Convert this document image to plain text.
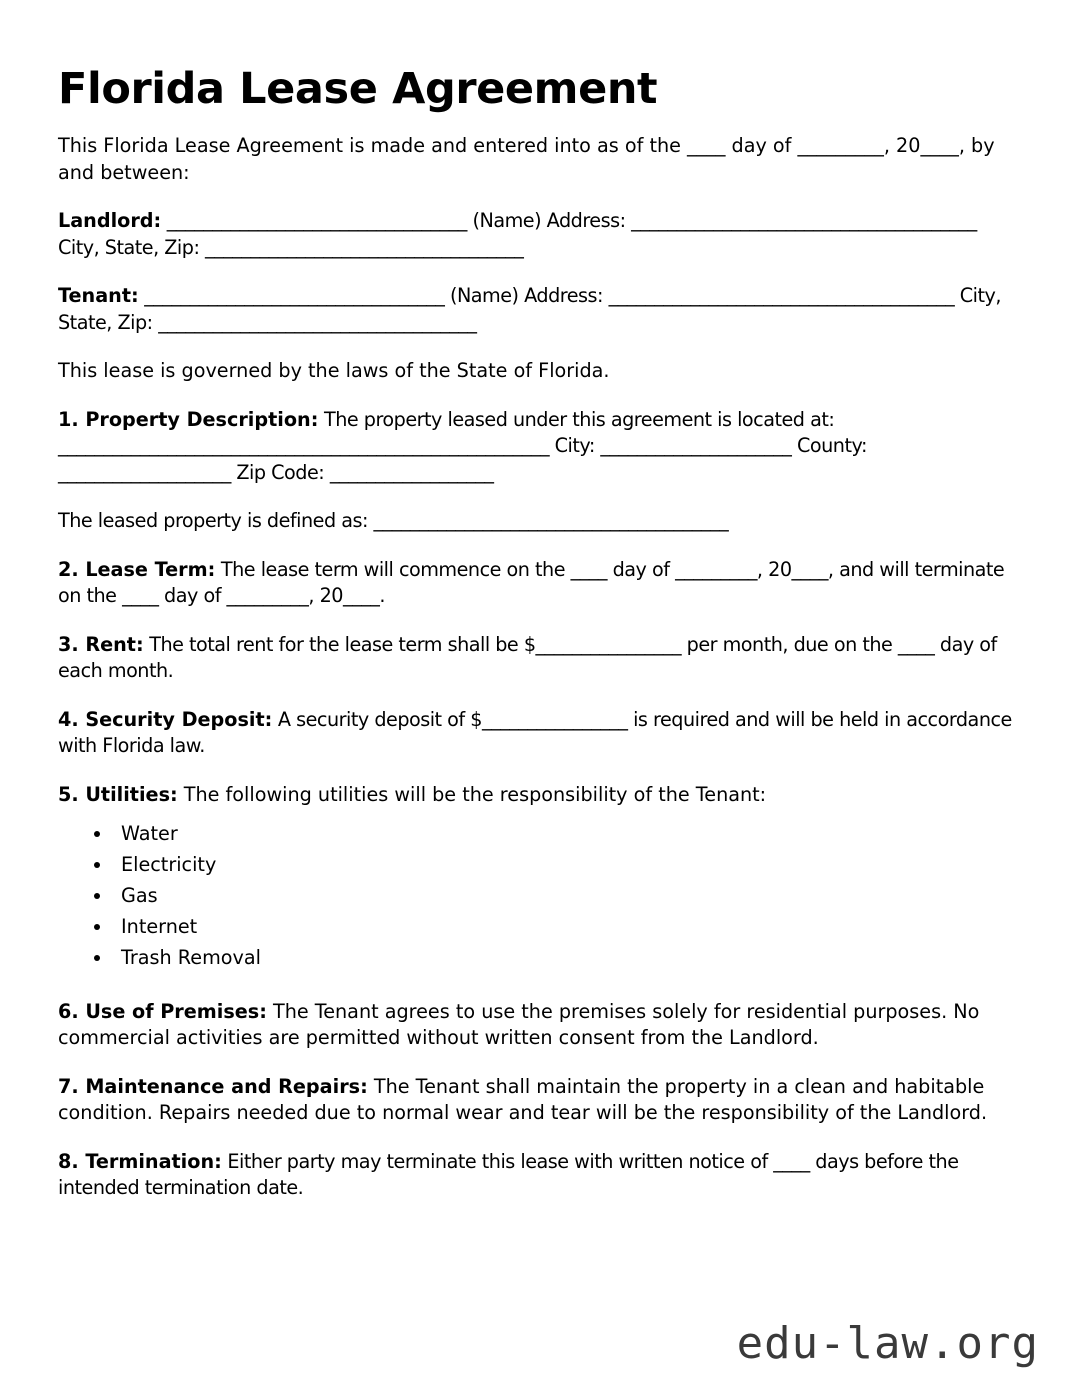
Florida Lease Agreement

This Florida Lease Agreement is made and entered into as of the ____ day of _________, 20____, by and between:

Landlord: _________________________________ (Name) Address: ______________________________________ City, State, Zip: ___________________________________

Tenant: _________________________________ (Name) Address: ______________________________________ City, State, Zip: ___________________________________

This lease is governed by the laws of the State of Florida.

1. Property Description: The property leased under this agreement is located at: ______________________________________________________ City: _____________________ County: ___________________ Zip Code: __________________

The leased property is defined as: _______________________________________

2. Lease Term: The lease term will commence on the ____ day of _________, 20____, and will terminate on the ____ day of _________, 20____.

3. Rent: The total rent for the lease term shall be $________________ per month, due on the ____ day of each month.

4. Security Deposit: A security deposit of $________________ is required and will be held in accordance with Florida law.

5. Utilities: The following utilities will be the responsibility of the Tenant:

• Water
• Electricity
• Gas
• Internet
• Trash Removal

6. Use of Premises: The Tenant agrees to use the premises solely for residential purposes. No commercial activities are permitted without written consent from the Landlord.

7. Maintenance and Repairs: The Tenant shall maintain the property in a clean and habitable condition. Repairs needed due to normal wear and tear will be the responsibility of the Landlord.

8. Termination: Either party may terminate this lease with written notice of ____ days before the intended termination date.

edu-law.org
